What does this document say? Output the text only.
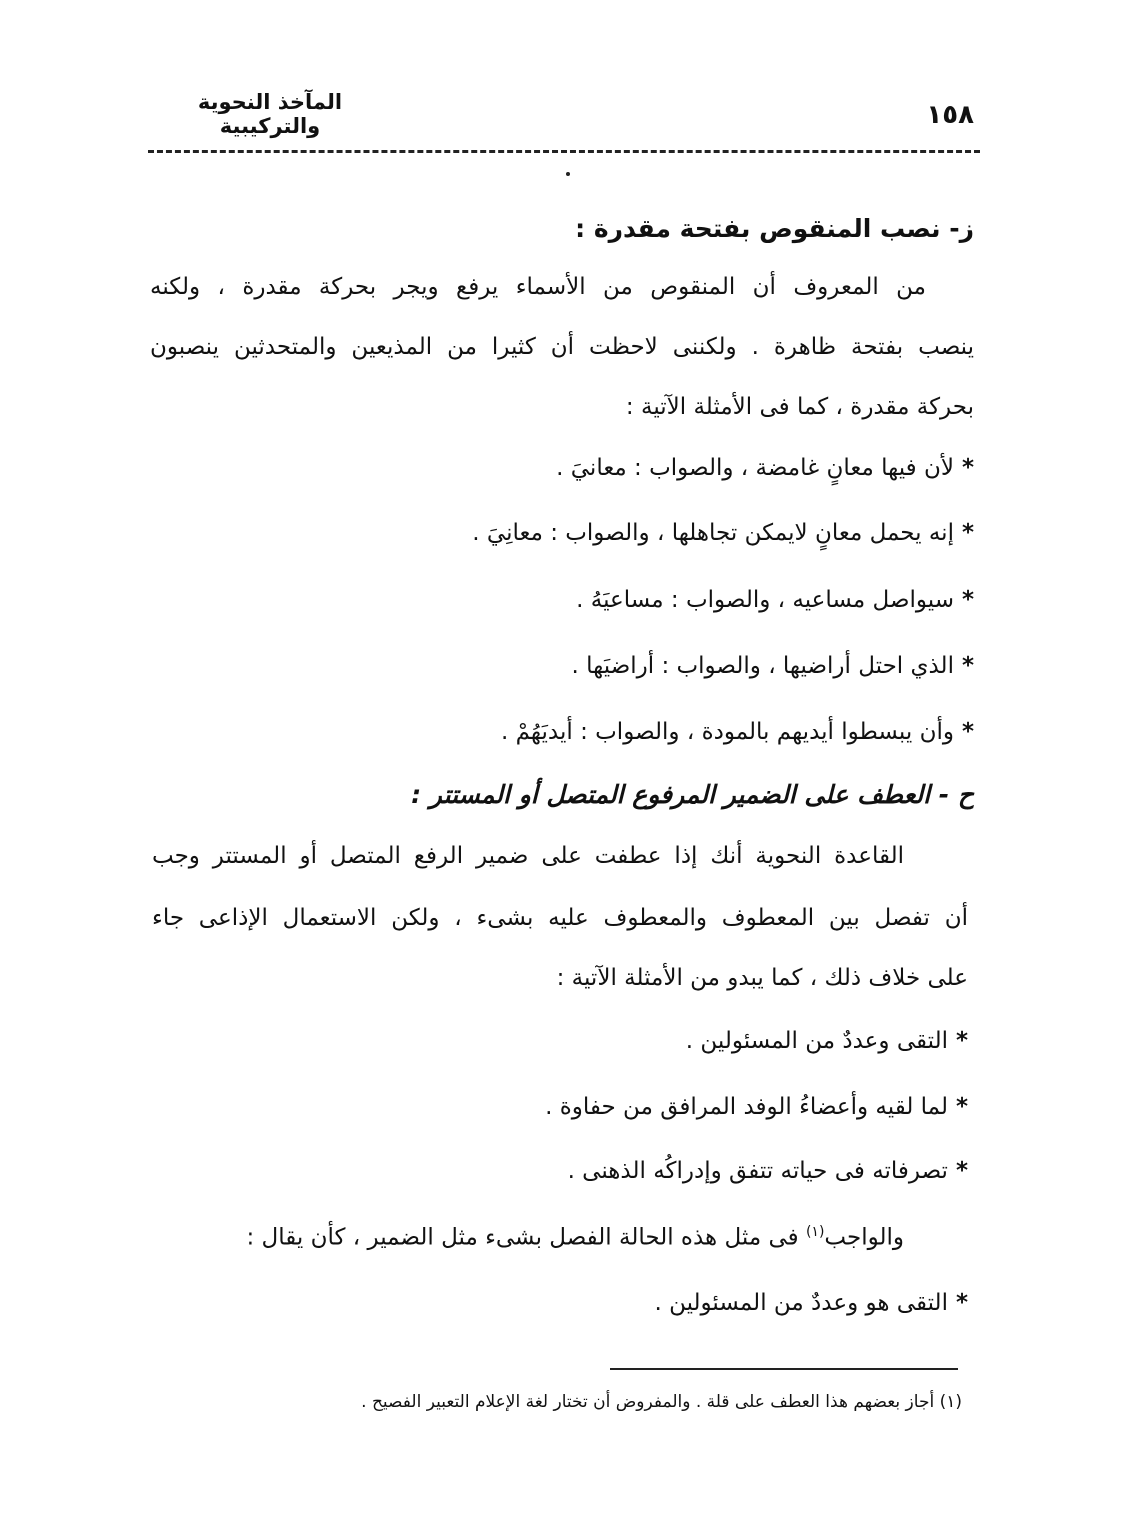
المآخذ النحوية والتركيبية	١٥٨
ز- نصب المنقوص بفتحة مقدرة :
من المعروف أن المنقوص من الأسماء يرفع ويجر بحركة مقدرة ، ولكنه
ينصب بفتحة ظاهرة . ولكننى لاحظت أن كثيرا من المذيعين والمتحدثين ينصبون
بحركة مقدرة ، كما فى الأمثلة الآتية :
*لأن فيها معانٍ غامضة ، والصواب : معانيَ .
*إنه يحمل معانٍ لايمكن تجاهلها ، والصواب : معانِيَ .
*سيواصل مساعيه ، والصواب : مساعيَهُ .
*الذي احتل أراضيها ، والصواب : أراضيَها .
*وأن يبسطوا أيديهم بالمودة ، والصواب : أيديَهُمْ .
ح - العطف على الضمير المرفوع المتصل أو المستتر :
القاعدة النحوية أنك إذا عطفت على ضمير الرفع المتصل أو المستتر وجب
أن تفصل بين المعطوف والمعطوف عليه بشىء ، ولكن الاستعمال الإذاعى جاء
على خلاف ذلك ، كما يبدو من الأمثلة الآتية :
*التقى وعددٌ من المسئولين .
*لما لقيه وأعضاءُ الوفد المرافق من حفاوة .
*تصرفاته فى حياته تتفق وإدراكُه الذهنى .
والواجب$^{(١)}$ فى مثل هذه الحالة الفصل بشىء مثل الضمير ، كأن يقال :
*التقى هو وعددٌ من المسئولين .
(١) أجاز بعضهم هذا العطف على قلة . والمفروض أن تختار لغة الإعلام التعبير الفصيح .
